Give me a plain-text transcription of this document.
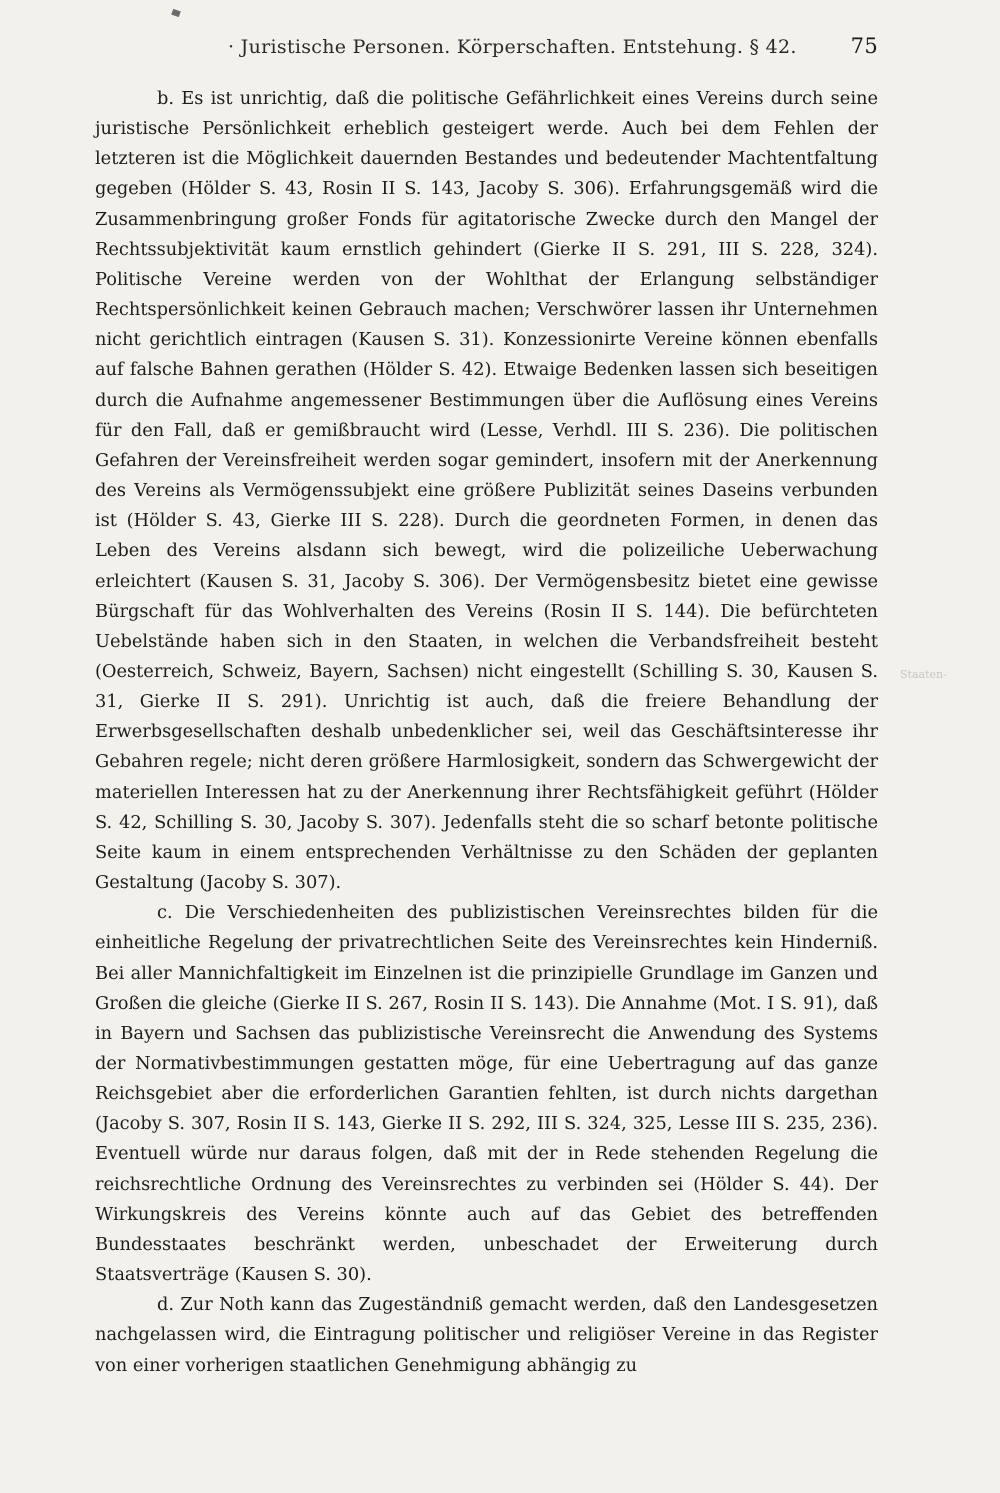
· Juristische Personen. Körperschaften. Entstehung. § 42.	75

b. Es ist unrichtig, daß die politische Gefährlichkeit eines Vereins durch seine juristische Persönlichkeit erheblich gesteigert werde. Auch bei dem Fehlen der letzteren ist die Möglichkeit dauernden Bestandes und bedeutender Machtentfaltung gegeben (Hölder S. 43, Rosin II S. 143, Jacoby S. 306). Erfahrungsgemäß wird die Zusammenbringung großer Fonds für agitatorische Zwecke durch den Mangel der Rechtssubjektivität kaum ernstlich gehindert (Gierke II S. 291, III S. 228, 324). Politische Vereine werden von der Wohlthat der Erlangung selbständiger Rechtspersönlichkeit keinen Gebrauch machen; Verschwörer lassen ihr Unternehmen nicht gerichtlich eintragen (Kausen S. 31). Konzessionirte Vereine können ebenfalls auf falsche Bahnen gerathen (Hölder S. 42). Etwaige Bedenken lassen sich beseitigen durch die Aufnahme angemessener Bestimmungen über die Auflösung eines Vereins für den Fall, daß er gemißbraucht wird (Lesse, Verhdl. III S. 236). Die politischen Gefahren der Vereinsfreiheit werden sogar gemindert, insofern mit der Anerkennung des Vereins als Vermögenssubjekt eine größere Publizität seines Daseins verbunden ist (Hölder S. 43, Gierke III S. 228). Durch die geordneten Formen, in denen das Leben des Vereins alsdann sich bewegt, wird die polizeiliche Ueberwachung erleichtert (Kausen S. 31, Jacoby S. 306). Der Vermögensbesitz bietet eine gewisse Bürgschaft für das Wohlverhalten des Vereins (Rosin II S. 144). Die befürchteten Uebelstände haben sich in den Staaten, in welchen die Verbandsfreiheit besteht (Oesterreich, Schweiz, Bayern, Sachsen) nicht eingestellt (Schilling S. 30, Kausen S. 31, Gierke II S. 291). Unrichtig ist auch, daß die freiere Behandlung der Erwerbsgesellschaften deshalb unbedenklicher sei, weil das Geschäftsinteresse ihr Gebahren regele; nicht deren größere Harmlosigkeit, sondern das Schwergewicht der materiellen Interessen hat zu der Anerkennung ihrer Rechtsfähigkeit geführt (Hölder S. 42, Schilling S. 30, Jacoby S. 307). Jedenfalls steht die so scharf betonte politische Seite kaum in einem entsprechenden Verhältnisse zu den Schäden der geplanten Gestaltung (Jacoby S. 307).

c. Die Verschiedenheiten des publizistischen Vereinsrechtes bilden für die einheitliche Regelung der privatrechtlichen Seite des Vereinsrechtes kein Hinderniß. Bei aller Mannichfaltigkeit im Einzelnen ist die prinzipielle Grundlage im Ganzen und Großen die gleiche (Gierke II S. 267, Rosin II S. 143). Die Annahme (Mot. I S. 91), daß in Bayern und Sachsen das publizistische Vereinsrecht die Anwendung des Systems der Normativbestimmungen gestatten möge, für eine Uebertragung auf das ganze Reichsgebiet aber die erforderlichen Garantien fehlten, ist durch nichts dargethan (Jacoby S. 307, Rosin II S. 143, Gierke II S. 292, III S. 324, 325, Lesse III S. 235, 236). Eventuell würde nur daraus folgen, daß mit der in Rede stehenden Regelung die reichsrechtliche Ordnung des Vereinsrechtes zu verbinden sei (Hölder S. 44). Der Wirkungskreis des Vereins könnte auch auf das Gebiet des betreffenden Bundesstaates beschränkt werden, unbeschadet der Erweiterung durch Staatsverträge (Kausen S. 30).

d. Zur Noth kann das Zugeständniß gemacht werden, daß den Landesgesetzen nachgelassen wird, die Eintragung politischer und religiöser Vereine in das Register von einer vorherigen staatlichen Genehmigung abhängig zu

Staaten-
